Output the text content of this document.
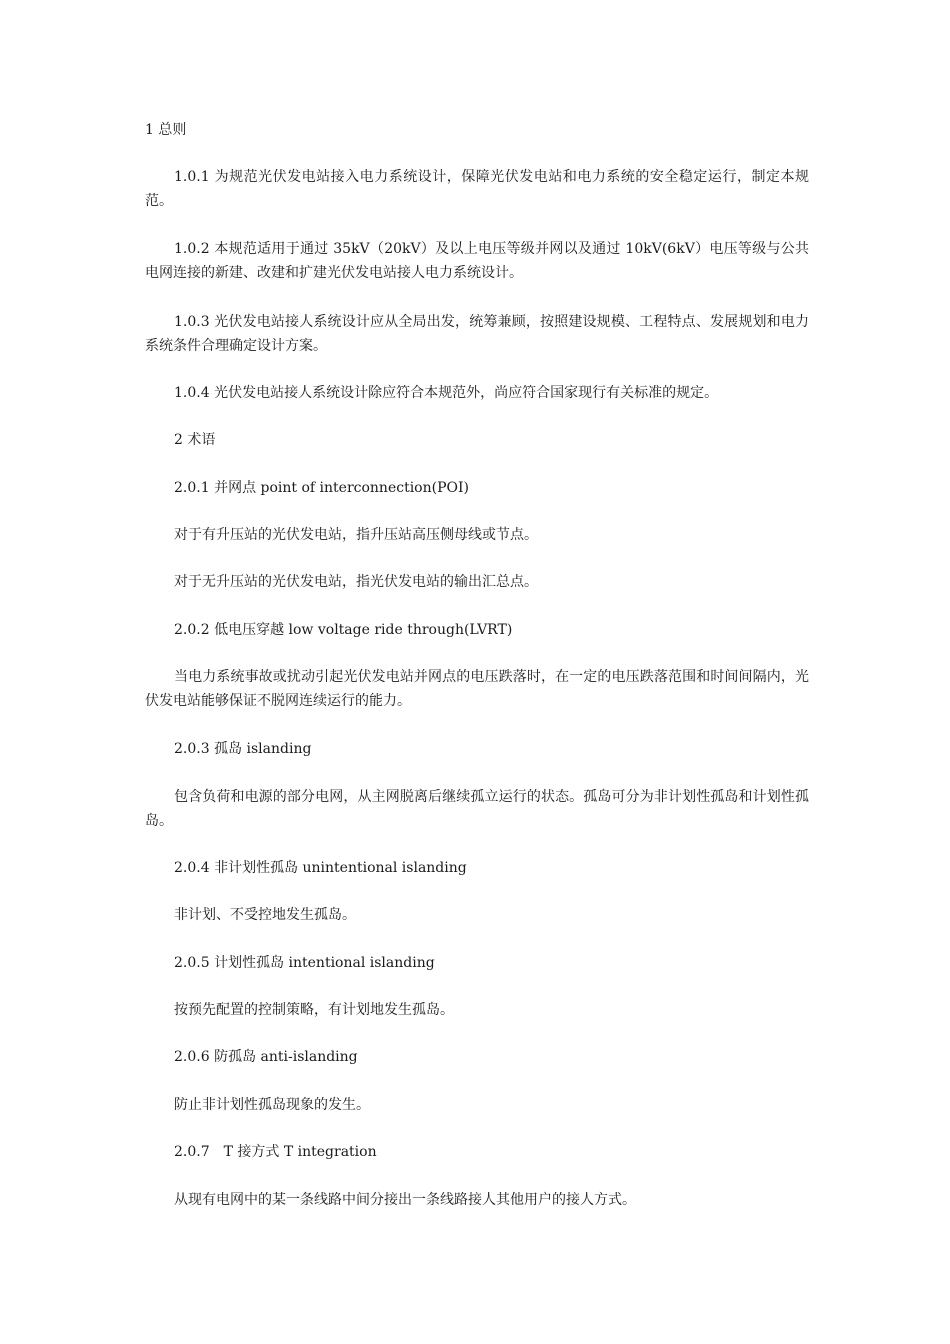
1 总则

1.0.1 为规范光伏发电站接入电力系统设计，保障光伏发电站和电力系统的安全稳定运行，制定本规范。

1.0.2 本规范适用于通过 35kV（20kV）及以上电压等级并网以及通过 10kV(6kV）电压等级与公共电网连接的新建、改建和扩建光伏发电站接人电力系统设计。

1.0.3 光伏发电站接人系统设计应从全局出发，统筹兼顾，按照建设规模、工程特点、发展规划和电力系统条件合理确定设计方案。

1.0.4 光伏发电站接人系统设计除应符合本规范外，尚应符合国家现行有关标准的规定。

2 术语

2.0.1 并网点 point of interconnection(POI)

对于有升压站的光伏发电站，指升压站高压侧母线或节点。

对于无升压站的光伏发电站，指光伏发电站的输出汇总点。

2.0.2 低电压穿越 low voltage ride through(LVRT)

当电力系统事故或扰动引起光伏发电站并网点的电压跌落时，在一定的电压跌落范围和时间间隔内，光伏发电站能够保证不脱网连续运行的能力。

2.0.3 孤岛 islanding

包含负荷和电源的部分电网，从主网脱离后继续孤立运行的状态。孤岛可分为非计划性孤岛和计划性孤岛。

2.0.4 非计划性孤岛 unintentional islanding

非计划、不受控地发生孤岛。

2.0.5 计划性孤岛 intentional islanding

按预先配置的控制策略，有计划地发生孤岛。

2.0.6 防孤岛 anti-islanding

防止非计划性孤岛现象的发生。

2.0.7　T 接方式 T integration

从现有电网中的某一条线路中间分接出一条线路接人其他用户的接人方式。
